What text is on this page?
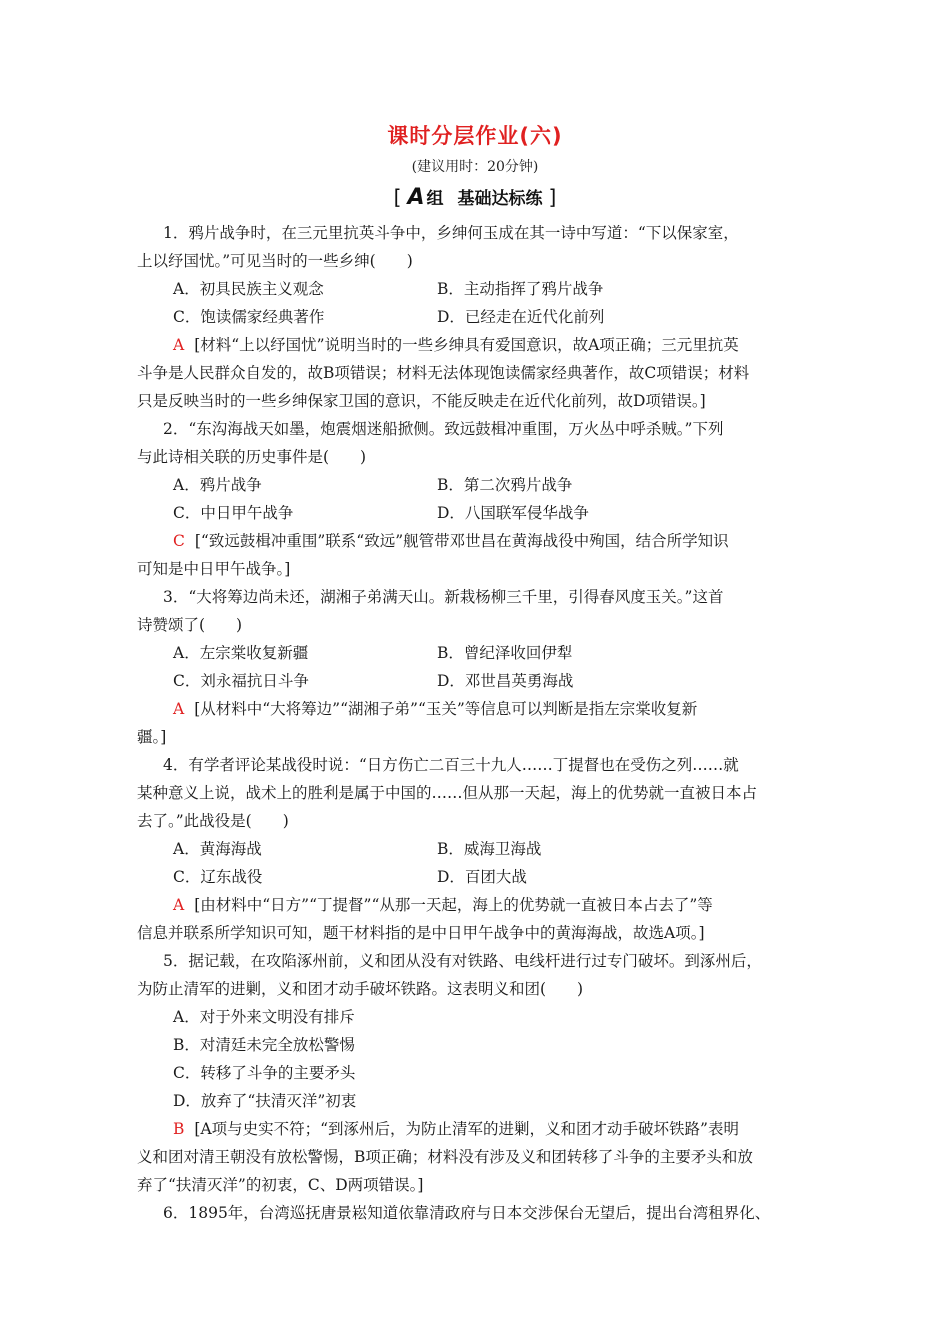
课时分层作业(六)
(建议用时：20分钟)
[ A 组 基础达标练 ]
1．鸦片战争时，在三元里抗英斗争中，乡绅何玉成在其一诗中写道：“下以保家室，
上以纾国忧。”可见当时的一些乡绅(　　)
A．初具民族主义观念	B．主动指挥了鸦片战争
C．饱读儒家经典著作	D．已经走在近代化前列
A [材料“上以纾国忧”说明当时的一些乡绅具有爱国意识，故A项正确；三元里抗英
斗争是人民群众自发的，故B项错误；材料无法体现饱读儒家经典著作，故C项错误；材料
只是反映当时的一些乡绅保家卫国的意识，不能反映走在近代化前列，故D项错误。]
2．“东沟海战天如墨，炮震烟迷船掀侧。致远鼓楫冲重围，万火丛中呼杀贼。”下列
与此诗相关联的历史事件是(　　)
A．鸦片战争	B．第二次鸦片战争
C．中日甲午战争	D．八国联军侵华战争
C [“致远鼓楫冲重围”联系“致远”舰管带邓世昌在黄海战役中殉国，结合所学知识
可知是中日甲午战争。]
3．“大将筹边尚未还，湖湘子弟满天山。新栽杨柳三千里，引得春风度玉关。”这首
诗赞颂了(　　)
A．左宗棠收复新疆	B．曾纪泽收回伊犁
C．刘永福抗日斗争	D．邓世昌英勇海战
A [从材料中“大将筹边”“湖湘子弟”“玉关”等信息可以判断是指左宗棠收复新
疆。]
4．有学者评论某战役时说：“日方伤亡二百三十九人……丁提督也在受伤之列……就
某种意义上说，战术上的胜利是属于中国的……但从那一天起，海上的优势就一直被日本占
去了。”此战役是(　　)
A．黄海海战	B．威海卫海战
C．辽东战役	D．百团大战
A [由材料中“日方”“丁提督”“从那一天起，海上的优势就一直被日本占去了”等
信息并联系所学知识可知，题干材料指的是中日甲午战争中的黄海海战，故选A项。]
5．据记载，在攻陷涿州前，义和团从没有对铁路、电线杆进行过专门破坏。到涿州后，
为防止清军的进剿，义和团才动手破坏铁路。这表明义和团(　　)
A．对于外来文明没有排斥
B．对清廷未完全放松警惕
C．转移了斗争的主要矛头
D．放弃了“扶清灭洋”初衷
B [A项与史实不符；“到涿州后，为防止清军的进剿，义和团才动手破坏铁路”表明
义和团对清王朝没有放松警惕，B项正确；材料没有涉及义和团转移了斗争的主要矛头和放
弃了“扶清灭洋”的初衷，C、D两项错误。]
6．1895年，台湾巡抚唐景崧知道依靠清政府与日本交涉保台无望后，提出台湾租界化、
